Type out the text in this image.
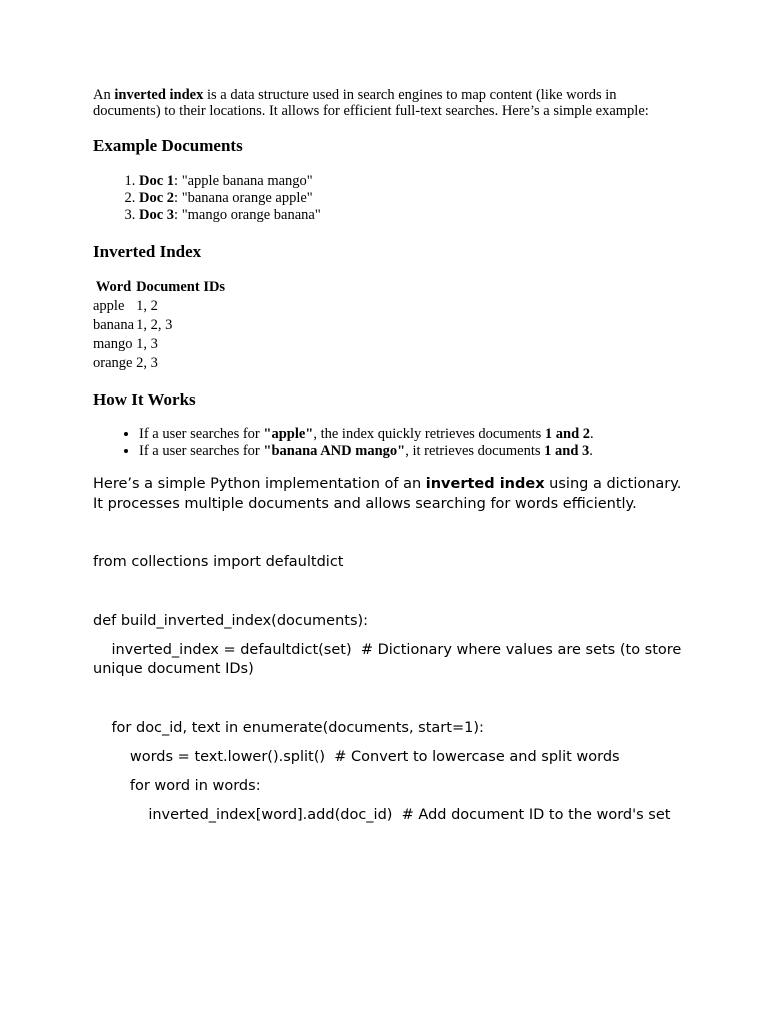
An inverted index is a data structure used in search engines to map content (like words in documents) to their locations. It allows for efficient full-text searches. Here’s a simple example:

Example Documents
1. Doc 1: "apple banana mango"
2. Doc 2: "banana orange apple"
3. Doc 3: "mango orange banana"
Inverted Index
Word	Document IDs
apple	1, 2
banana	1, 2, 3
mango	1, 3
orange	2, 3
How It Works
• If a user searches for "apple", the index quickly retrieves documents 1 and 2.
• If a user searches for "banana AND mango", it retrieves documents 1 and 3.

Here’s a simple Python implementation of an inverted index using a dictionary. It processes multiple documents and allows searching for words efficiently.

from collections import defaultdict

def build_inverted_index(documents):

inverted_index = defaultdict(set)  # Dictionary where values are sets (to store unique document IDs)

for doc_id, text in enumerate(documents, start=1):

words = text.lower().split()  # Convert to lowercase and split words

for word in words:

inverted_index[word].add(doc_id)  # Add document ID to the word's set
